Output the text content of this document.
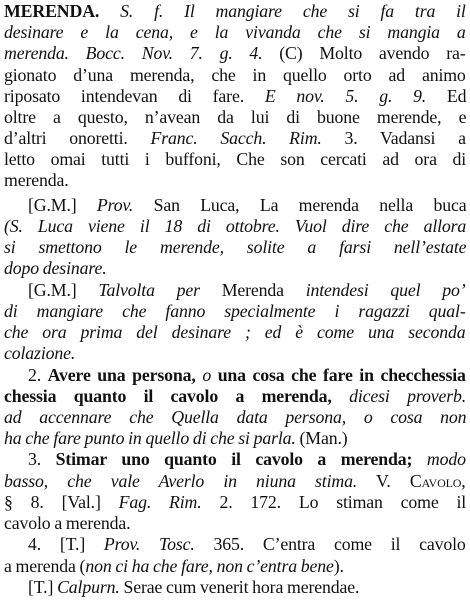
MERENDA. S. f. Il mangiare che si fa tra il
desinare e la cena, e la vivanda che si mangia a
merenda. Bocc. Nov. 7. g. 4. (C) Molto avendo ra-
gionato d’una merenda, che in quello orto ad animo
riposato intendevan di fare. E nov. 5. g. 9. Ed
oltre a questo, n’avean da lui di buone merende, e
d’altri onoretti. Franc. Sacch. Rim. 3. Vadansi a
letto omai tutti i buffoni, Che son cercati ad ora di
merenda.
[G.M.] Prov. San Luca, La merenda nella buca
(S. Luca viene il 18 di ottobre. Vuol dire che allora
si smettono le merende, solite a farsi nell’estate
dopo desinare.
[G.M.] Talvolta per Merenda intendesi quel po’
di mangiare che fanno specialmente i ragazzi qual-
che ora prima del desinare ; ed è come una seconda
colazione.
2. Avere una persona, o una cosa che fare in checchessia
chessia quanto il cavolo a merenda, dicesi proverb.
ad accennare che Quella data persona, o cosa non
ha che fare punto in quello di che si parla. (Man.)
3. Stimar uno quanto il cavolo a merenda; modo
basso, che vale Averlo in niuna stima. V. Cavolo,
§ 8. [Val.] Fag. Rim. 2. 172. Lo stiman come il
cavolo a merenda.
4. [T.] Prov. Tosc. 365. C’entra come il cavolo
a merenda (non ci ha che fare, non c’entra bene).
[T.] Calpurn. Serae cum venerit hora merendae.
